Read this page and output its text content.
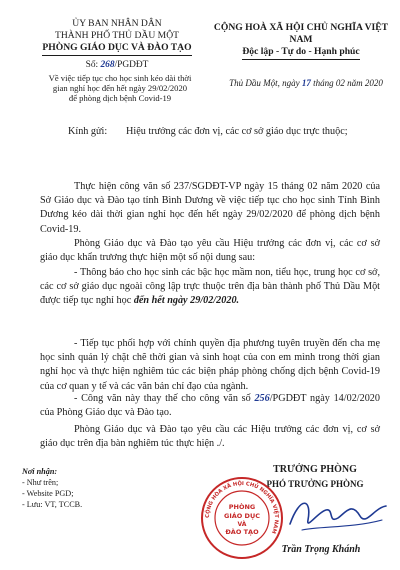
ỦY BAN NHÂN DÂN
THÀNH PHỐ THỦ DẦU MỘT
PHÒNG GIÁO DỤC VÀ ĐÀO TẠO
CỘNG HOÀ XÃ HỘI CHỦ NGHĨA VIỆT NAM
Độc lập - Tự do - Hạnh phúc
Số: 268/PGDĐT
Về việc tiếp tục cho học sinh kéo dài thời
gian nghỉ học đến hết ngày 29/02/2020
để phòng dịch bệnh Covid-19
Thủ Dầu Một, ngày 17 tháng 02 năm 2020
Kính gửi: Hiệu trưởng các đơn vị, các cơ sở giáo dục trực thuộc;
Thực hiện công văn số 237/SGDĐT-VP ngày 15 tháng 02 năm 2020 của Sở Giáo dục và Đào tạo tỉnh Bình Dương về việc tiếp tục cho học sinh Tỉnh Bình Dương kéo dài thời gian nghỉ học đến hết ngày 29/02/2020 để phòng dịch bệnh Covid-19.
Phòng Giáo dục và Đào tạo yêu cầu Hiệu trưởng các đơn vị, các cơ sở giáo dục khẩn trương thực hiện một số nội dung sau:
- Thông báo cho học sinh các bậc học mầm non, tiểu học, trung học cơ sở, các cơ sở giáo dục ngoài công lập trực thuộc trên địa bàn thành phố Thủ Dầu Một được tiếp tục nghỉ học đến hết ngày 29/02/2020.
- Tiếp tục phối hợp với chính quyền địa phương tuyên truyền đến cha mẹ học sinh quản lý chặt chẽ thời gian và sinh hoạt của con em mình trong thời gian nghỉ học và thực hiện nghiêm túc các biện pháp phòng chống dịch bệnh Covid-19 của cơ quan y tế và các văn bản chỉ đạo của ngành.
- Công văn này thay thế cho công văn số 256/PGDĐT ngày 14/02/2020 của Phòng Giáo dục và Đào tạo.
Phòng Giáo dục và Đào tạo yêu cầu các Hiệu trưởng các đơn vị, cơ sở giáo dục trên địa bàn nghiêm túc thực hiện ./.
Nơi nhận:
- Như trên;
- Website PGD;
- Lưu: VT, TCCB.
TRƯỞNG PHÒNG
PHÓ TRƯỞNG PHÒNG
CỘNG HÒA XÃ HỘI CHỦ NGHĨA VIỆT NAM
PHÒNG
GIÁO DỤC
VÀ
ĐÀO TẠO
Trần Trọng Khánh
